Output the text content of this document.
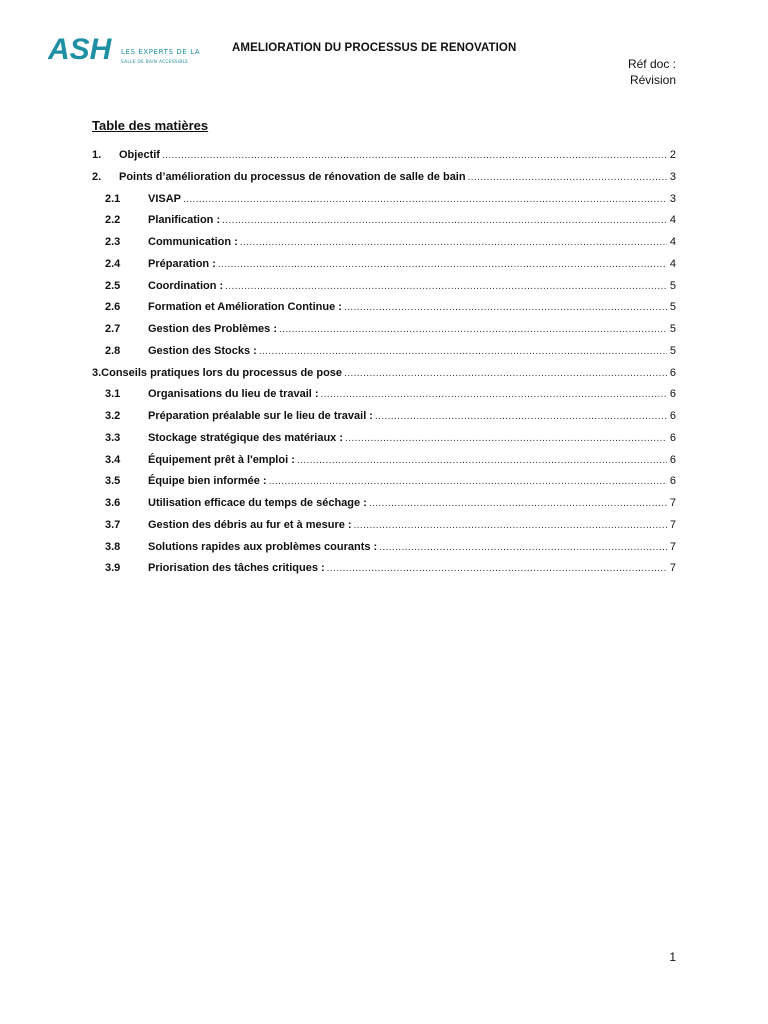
ASH LES EXPERTS DE LA
SALLE DE BAIN ACCESSIBLE
AMELIORATION DU PROCESSUS DE RENOVATION
Réf doc :
Révision
Table des matières
1.	Objectif .....	2
2.	Points d’amélioration du processus de rénovation de salle de bain .....	3
2.1	VISAP .....	3
2.2	Planification : .....	4
2.3	Communication : .....	4
2.4	Préparation : .....	4
2.5	Coordination : .....	5
2.6	Formation et Amélioration Continue : .....	5
2.7	Gestion des Problèmes : .....	5
2.8	Gestion des Stocks : .....	5
3.Conseils pratiques lors du processus de pose .....	6
3.1	Organisations du lieu de travail : .....	6
3.2	Préparation préalable sur le lieu de travail : .....	6
3.3	Stockage stratégique des matériaux : .....	6
3.4	Équipement prêt à l'emploi : .....	6
3.5	Équipe bien informée : .....	6
3.6	Utilisation efficace du temps de séchage : .....	7
3.7	Gestion des débris au fur et à mesure : .....	7
3.8	Solutions rapides aux problèmes courants : .....	7
3.9	Priorisation des tâches critiques : .....	7
1
